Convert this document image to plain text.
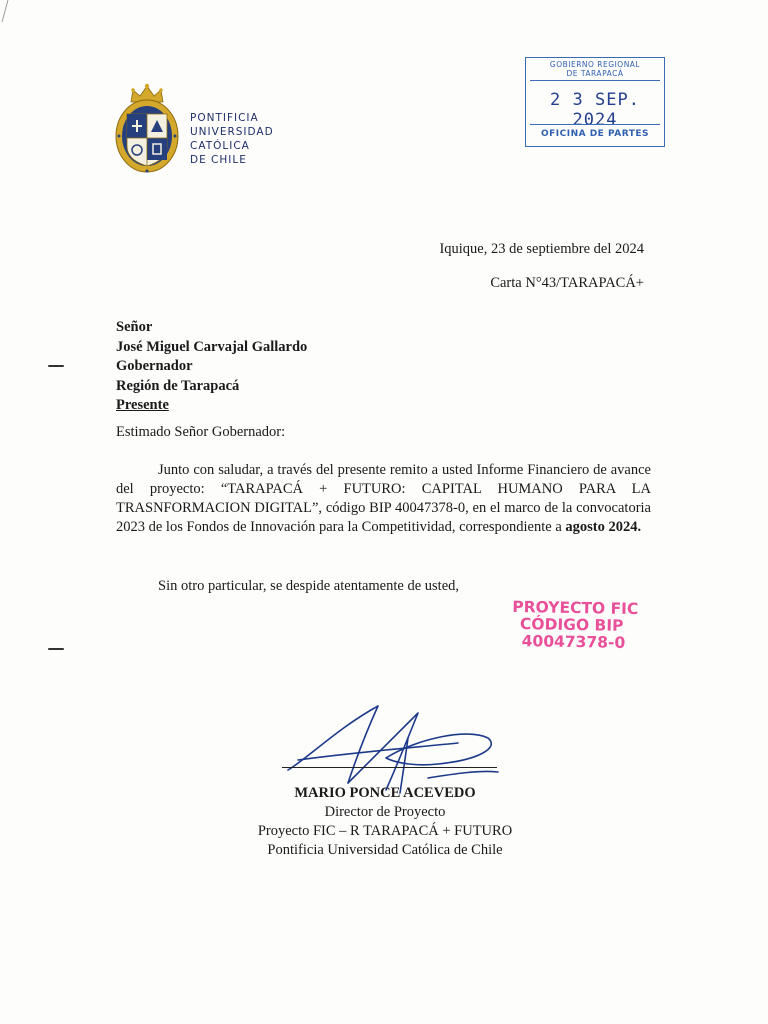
PONTIFICIA
UNIVERSIDAD
CATÓLICA
DE CHILE
GOBIERNO REGIONAL
DE TARAPACÁ
2 3 SEP. 2024
OFICINA DE PARTES
Iquique, 23 de septiembre del 2024
Carta N°43/TARAPACÁ+
Señor
José Miguel Carvajal Gallardo
Gobernador
Región de Tarapacá
Presente
Estimado Señor Gobernador:
Junto con saludar, a través del presente remito a usted Informe Financiero de avance del proyecto: “TARAPACÁ + FUTURO: CAPITAL HUMANO PARA LA TRASNFORMACION DIGITAL”, código BIP 40047378-0, en el marco de la convocatoria 2023 de los Fondos de Innovación para la Competitividad, correspondiente a agosto 2024.
Sin otro particular, se despide atentamente de usted,
PROYECTO FIC
CÓDIGO BIP
40047378-0
MARIO PONCE ACEVEDO
Director de Proyecto
Proyecto FIC – R TARAPACÁ + FUTURO
Pontificia Universidad Católica de Chile
